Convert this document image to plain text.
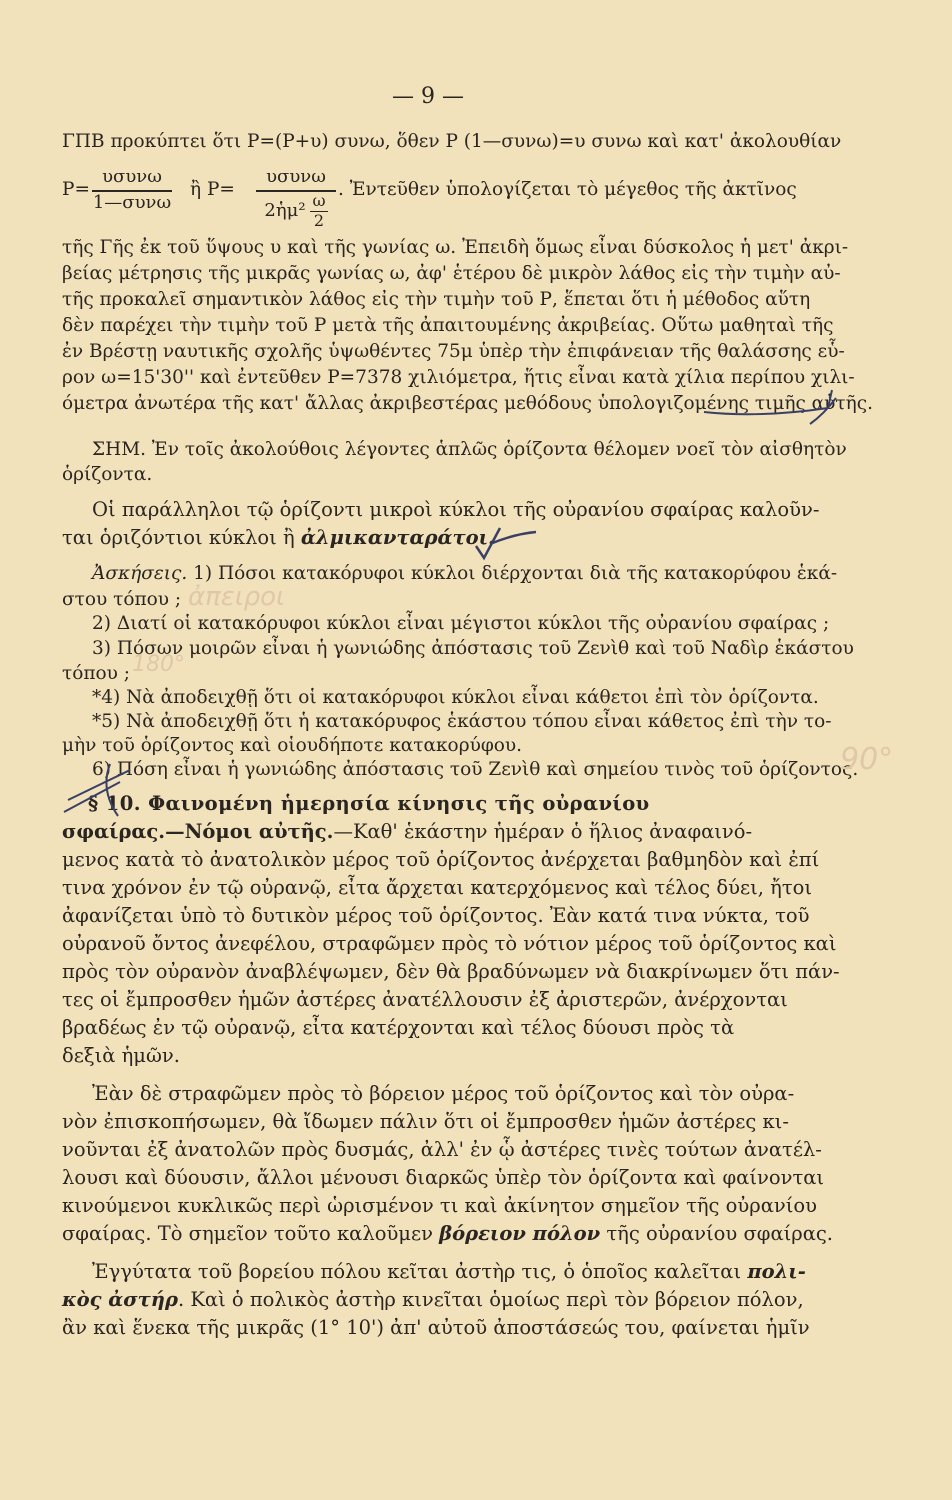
— 9 —

ΓΠΒ προκύπτει ὅτι Ρ=(Ρ+υ) συνω, ὅθεν Ρ (1—συνω)=υ συνω καὶ κατ' ἀκολουθίαν

Ρ=
υσυνω
1—συνω
ἢ Ρ=
υσυνω
2ἡμ² ω
2
. Ἐντεῦθεν ὑπολογίζεται τὸ μέγεθος τῆς ἀκτῖνος

τῆς Γῆς ἐκ τοῦ ὕψους υ καὶ τῆς γωνίας ω. Ἐπειδὴ ὅμως εἶναι δύσκολος ἡ μετ' ἀκρι-

βείας μέτρησις τῆς μικρᾶς γωνίας ω, ἀφ' ἑτέρου δὲ μικρὸν λάθος εἰς τὴν τιμὴν αὐ-

τῆς προκαλεῖ σημαντικὸν λάθος εἰς τὴν τιμὴν τοῦ Ρ, ἕπεται ὅτι ἡ μέθοδος αὕτη

δὲν παρέχει τὴν τιμὴν τοῦ Ρ μετὰ τῆς ἀπαιτουμένης ἀκριβείας. Οὕτω μαθηταὶ τῆς

ἐν Βρέστῃ ναυτικῆς σχολῆς ὑψωθέντες 75μ ὑπὲρ τὴν ἐπιφάνειαν τῆς θαλάσσης εὗ-

ρον ω=15'30'' καὶ ἐντεῦθεν Ρ=7378 χιλιόμετρα, ἥτις εἶναι κατὰ χίλια περίπου χιλι-

όμετρα ἀνωτέρα τῆς κατ' ἄλλας ἀκριβεστέρας μεθόδους ὑπολογιζομένης τιμῆς αὐτῆς.

ΣΗΜ. Ἐν τοῖς ἀκολούθοις λέγοντες ἁπλῶς ὁρίζοντα θέλομεν νοεῖ τὸν αἰσθητὸν

ὁρίζοντα.

Οἱ παράλληλοι τῷ ὁρίζοντι μικροὶ κύκλοι τῆς οὐρανίου σφαίρας καλοῦν-

ται ὁριζόντιοι κύκλοι ἢ ἀλμικανταράτοι.

Ἀσκήσεις. 1) Πόσοι κατακόρυφοι κύκλοι διέρχονται διὰ τῆς κατακορύφου ἑκά-

στου τόπου ;

2) Διατί οἱ κατακόρυφοι κύκλοι εἶναι μέγιστοι κύκλοι τῆς οὐρανίου σφαίρας ;

3) Πόσων μοιρῶν εἶναι ἡ γωνιώδης ἀπόστασις τοῦ Ζενὶθ καὶ τοῦ Ναδὶρ ἑκάστου

τόπου ;

*4) Νὰ ἀποδειχθῇ ὅτι οἱ κατακόρυφοι κύκλοι εἶναι κάθετοι ἐπὶ τὸν ὁρίζοντα.

*5) Νὰ ἀποδειχθῇ ὅτι ἡ κατακόρυφος ἑκάστου τόπου εἶναι κάθετος ἐπὶ τὴν το-

μὴν τοῦ ὁρίζοντος καὶ οἱουδήποτε κατακορύφου.

6) Πόση εἶναι ἡ γωνιώδης ἀπόστασις τοῦ Ζενὶθ καὶ σημείου τινὸς τοῦ ὁρίζοντος.

§ 10. Φαινομένη ἡμερησία κίνησις τῆς οὐρανίου

σφαίρας.—Νόμοι αὐτῆς.—Καθ' ἑκάστην ἡμέραν ὁ ἥλιος ἀναφαινό-

μενος κατὰ τὸ ἀνατολικὸν μέρος τοῦ ὁρίζοντος ἀνέρχεται βαθμηδὸν καὶ ἐπί

τινα χρόνον ἐν τῷ οὐρανῷ, εἶτα ἄρχεται κατερχόμενος καὶ τέλος δύει, ἤτοι

ἀφανίζεται ὑπὸ τὸ δυτικὸν μέρος τοῦ ὁρίζοντος. Ἐὰν κατά τινα νύκτα, τοῦ

οὐρανοῦ ὄντος ἀνεφέλου, στραφῶμεν πρὸς τὸ νότιον μέρος τοῦ ὁρίζοντος καὶ

πρὸς τὸν οὐρανὸν ἀναβλέψωμεν, δὲν θὰ βραδύνωμεν νὰ διακρίνωμεν ὅτι πάν-

τες οἱ ἔμπροσθεν ἡμῶν ἀστέρες ἀνατέλλουσιν ἐξ ἀριστερῶν, ἀνέρχονται

βραδέως ἐν τῷ οὐρανῷ, εἶτα κατέρχονται καὶ τέλος δύουσι πρὸς τὰ

δεξιὰ ἡμῶν.

Ἐὰν δὲ στραφῶμεν πρὸς τὸ βόρειον μέρος τοῦ ὁρίζοντος καὶ τὸν οὐρα-

νὸν ἐπισκοπήσωμεν, θὰ ἴδωμεν πάλιν ὅτι οἱ ἔμπροσθεν ἡμῶν ἀστέρες κι-

νοῦνται ἐξ ἀνατολῶν πρὸς δυσμάς, ἀλλ' ἐν ᾧ ἀστέρες τινὲς τούτων ἀνατέλ-

λουσι καὶ δύουσιν, ἄλλοι μένουσι διαρκῶς ὑπὲρ τὸν ὁρίζοντα καὶ φαίνονται

κινούμενοι κυκλικῶς περὶ ὡρισμένον τι καὶ ἀκίνητον σημεῖον τῆς οὐρανίου

σφαίρας. Τὸ σημεῖον τοῦτο καλοῦμεν βόρειον πόλον τῆς οὐρανίου σφαίρας.

Ἐγγύτατα τοῦ βορείου πόλου κεῖται ἀστὴρ τις, ὁ ὁποῖος καλεῖται πολι-

κὸς ἀστήρ. Καὶ ὁ πολικὸς ἀστὴρ κινεῖται ὁμοίως περὶ τὸν βόρειον πόλον,

ἂν καὶ ἕνεκα τῆς μικρᾶς (1° 10') ἀπ' αὐτοῦ ἀποστάσεώς του, φαίνεται ἡμῖν

ἀπειροι
180°
90°
